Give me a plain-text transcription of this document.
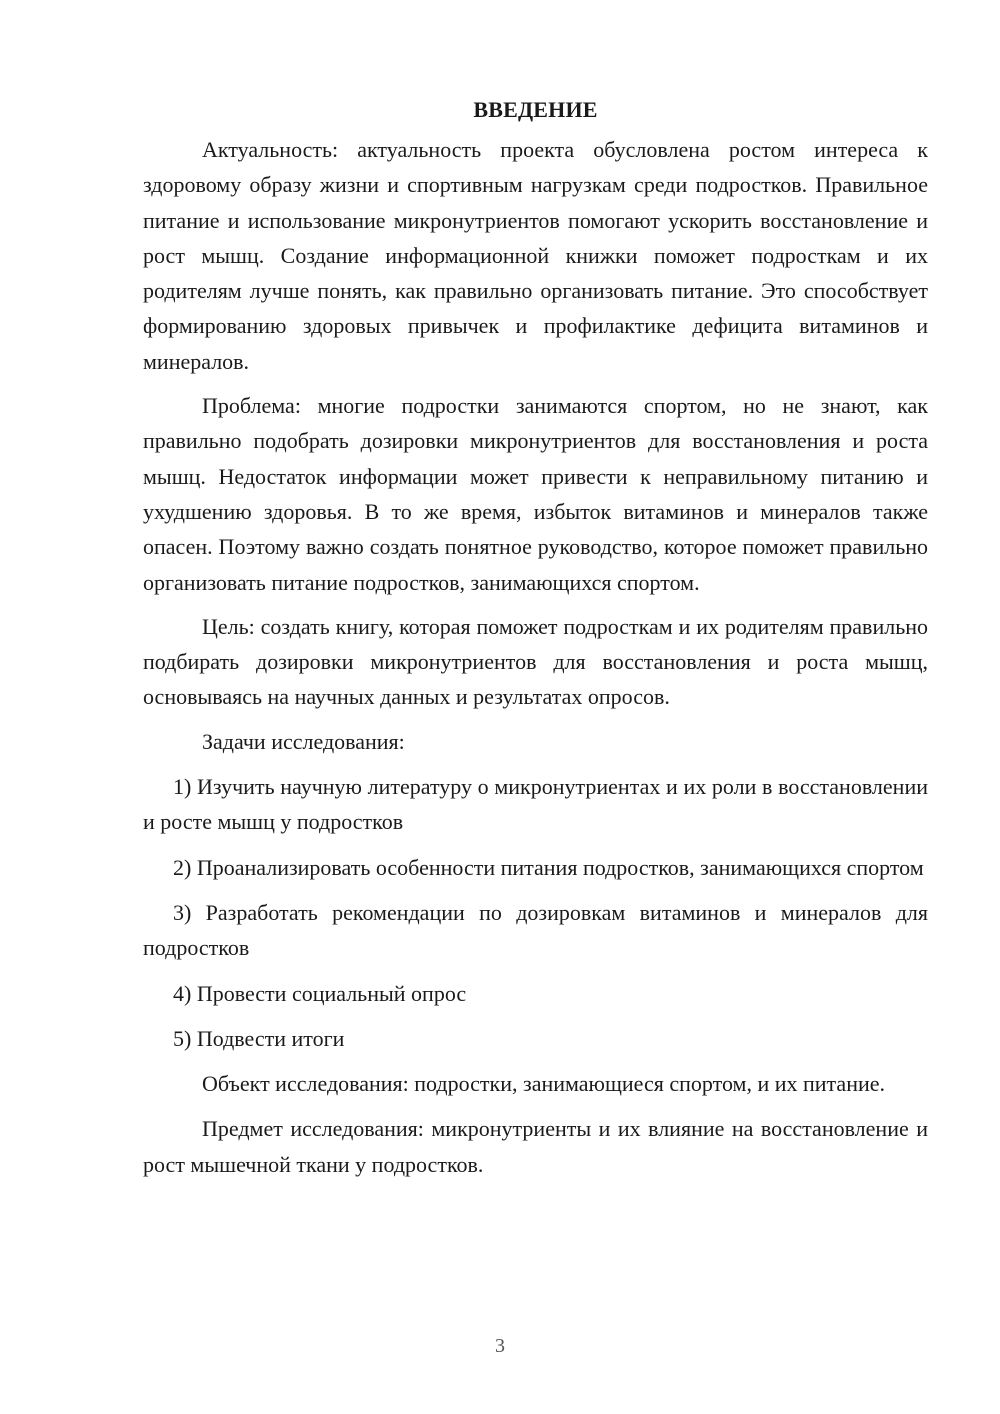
ВВЕДЕНИЕ

Актуальность: актуальность проекта обусловлена ростом интереса к здоровому образу жизни и спортивным нагрузкам среди подростков. Правильное питание и использование микронутриентов помогают ускорить восстановление и рост мышц. Создание информационной книжки поможет подросткам и их родителям лучше понять, как правильно организовать питание. Это способствует формированию здоровых привычек и профилактике дефицита витаминов и минералов.

Проблема: многие подростки занимаются спортом, но не знают, как правильно подобрать дозировки микронутриентов для восстановления и роста мышц. Недостаток информации может привести к неправильному питанию и ухудшению здоровья. В то же время, избыток витаминов и минералов также опасен. Поэтому важно создать понятное руководство, которое поможет правильно организовать питание подростков, занимающихся спортом.

Цель: создать книгу, которая поможет подросткам и их родителям правильно подбирать дозировки микронутриентов для восстановления и роста мышц, основываясь на научных данных и результатах опросов.

Задачи исследования:

1) Изучить научную литературу о микронутриентах и их роли в восстановлении и росте мышц у подростков

2) Проанализировать особенности питания подростков, занимающихся спортом

3) Разработать рекомендации по дозировкам витаминов и минералов для подростков

4) Провести социальный опрос

5) Подвести итоги

Объект исследования: подростки, занимающиеся спортом, и их питание.

Предмет исследования: микронутриенты и их влияние на восстановление и рост мышечной ткани у подростков.

3
